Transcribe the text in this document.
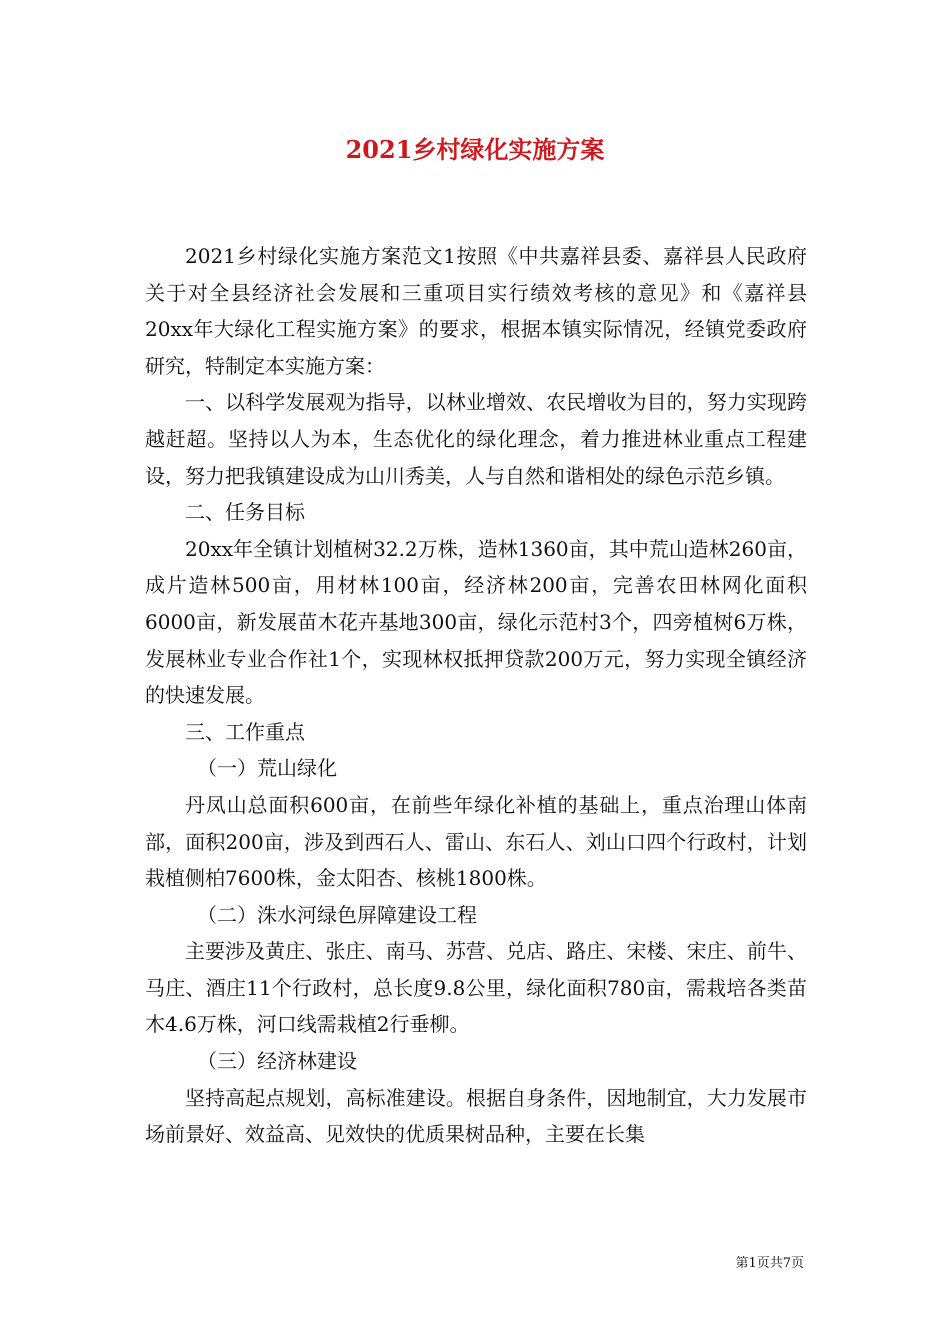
2021乡村绿化实施方案

2021乡村绿化实施方案范文1按照《中共嘉祥县委、嘉祥县人民政府关于对全县经济社会发展和三重项目实行绩效考核的意见》和《嘉祥县20xx年大绿化工程实施方案》的要求，根据本镇实际情况，经镇党委政府研究，特制定本实施方案：

一、以科学发展观为指导，以林业增效、农民增收为目的，努力实现跨越赶超。坚持以人为本，生态优化的绿化理念，着力推进林业重点工程建设，努力把我镇建设成为山川秀美，人与自然和谐相处的绿色示范乡镇。

二、任务目标

20xx年全镇计划植树32.2万株，造林1360亩，其中荒山造林260亩，成片造林500亩，用材林100亩，经济林200亩，完善农田林网化面积6000亩，新发展苗木花卉基地300亩，绿化示范村3个，四旁植树6万株，发展林业专业合作社1个，实现林权抵押贷款200万元，努力实现全镇经济的快速发展。

三、工作重点

（一）荒山绿化

丹凤山总面积600亩，在前些年绿化补植的基础上，重点治理山体南部，面积200亩，涉及到西石人、雷山、东石人、刘山口四个行政村，计划栽植侧柏7600株，金太阳杏、核桃1800株。

（二）洙水河绿色屏障建设工程

主要涉及黄庄、张庄、南马、苏营、兑店、路庄、宋楼、宋庄、前牛、马庄、酒庄11个行政村，总长度9.8公里，绿化面积780亩，需栽培各类苗木4.6万株，河口线需栽植2行垂柳。

（三）经济林建设

坚持高起点规划，高标准建设。根据自身条件，因地制宜，大力发展市场前景好、效益高、见效快的优质果树品种，主要在长集

第1页共7页
